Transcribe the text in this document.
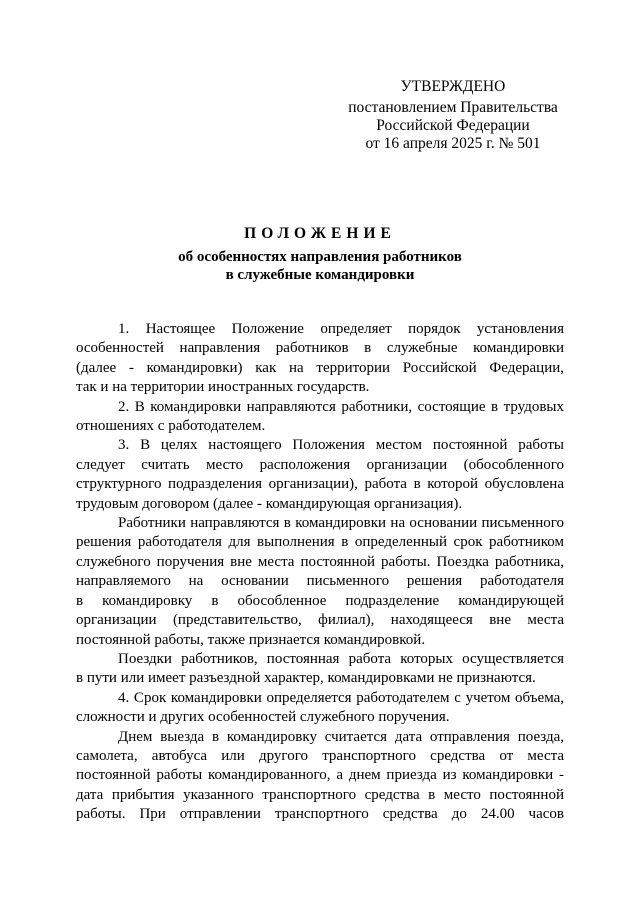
УТВЕРЖДЕНО
постановлением Правительства
Российской Федерации
от 16 апреля 2025 г. № 501
ПОЛОЖЕНИЕ
об особенностях направления работников
в служебные командировки
1. Настоящее Положение определяет порядок установления
особенностей направления работников в служебные командировки
(далее - командировки) как на территории Российской Федерации,
так и на территории иностранных государств.
2. В командировки направляются работники, состоящие в трудовых
отношениях с работодателем.
3. В целях настоящего Положения местом постоянной работы
следует считать место расположения организации (обособленного
структурного подразделения организации), работа в которой обусловлена
трудовым договором (далее - командирующая организация).
Работники направляются в командировки на основании письменного
решения работодателя для выполнения в определенный срок работником
служебного поручения вне места постоянной работы. Поездка работника,
направляемого на основании письменного решения работодателя
в командировку в обособленное подразделение командирующей
организации (представительство, филиал), находящееся вне места
постоянной работы, также признается командировкой.
Поездки работников, постоянная работа которых осуществляется
в пути или имеет разъездной характер, командировками не признаются.
4. Срок командировки определяется работодателем с учетом объема,
сложности и других особенностей служебного поручения.
Днем выезда в командировку считается дата отправления поезда,
самолета, автобуса или другого транспортного средства от места
постоянной работы командированного, а днем приезда из командировки -
дата прибытия указанного транспортного средства в место постоянной
работы. При отправлении транспортного средства до 24.00 часов
